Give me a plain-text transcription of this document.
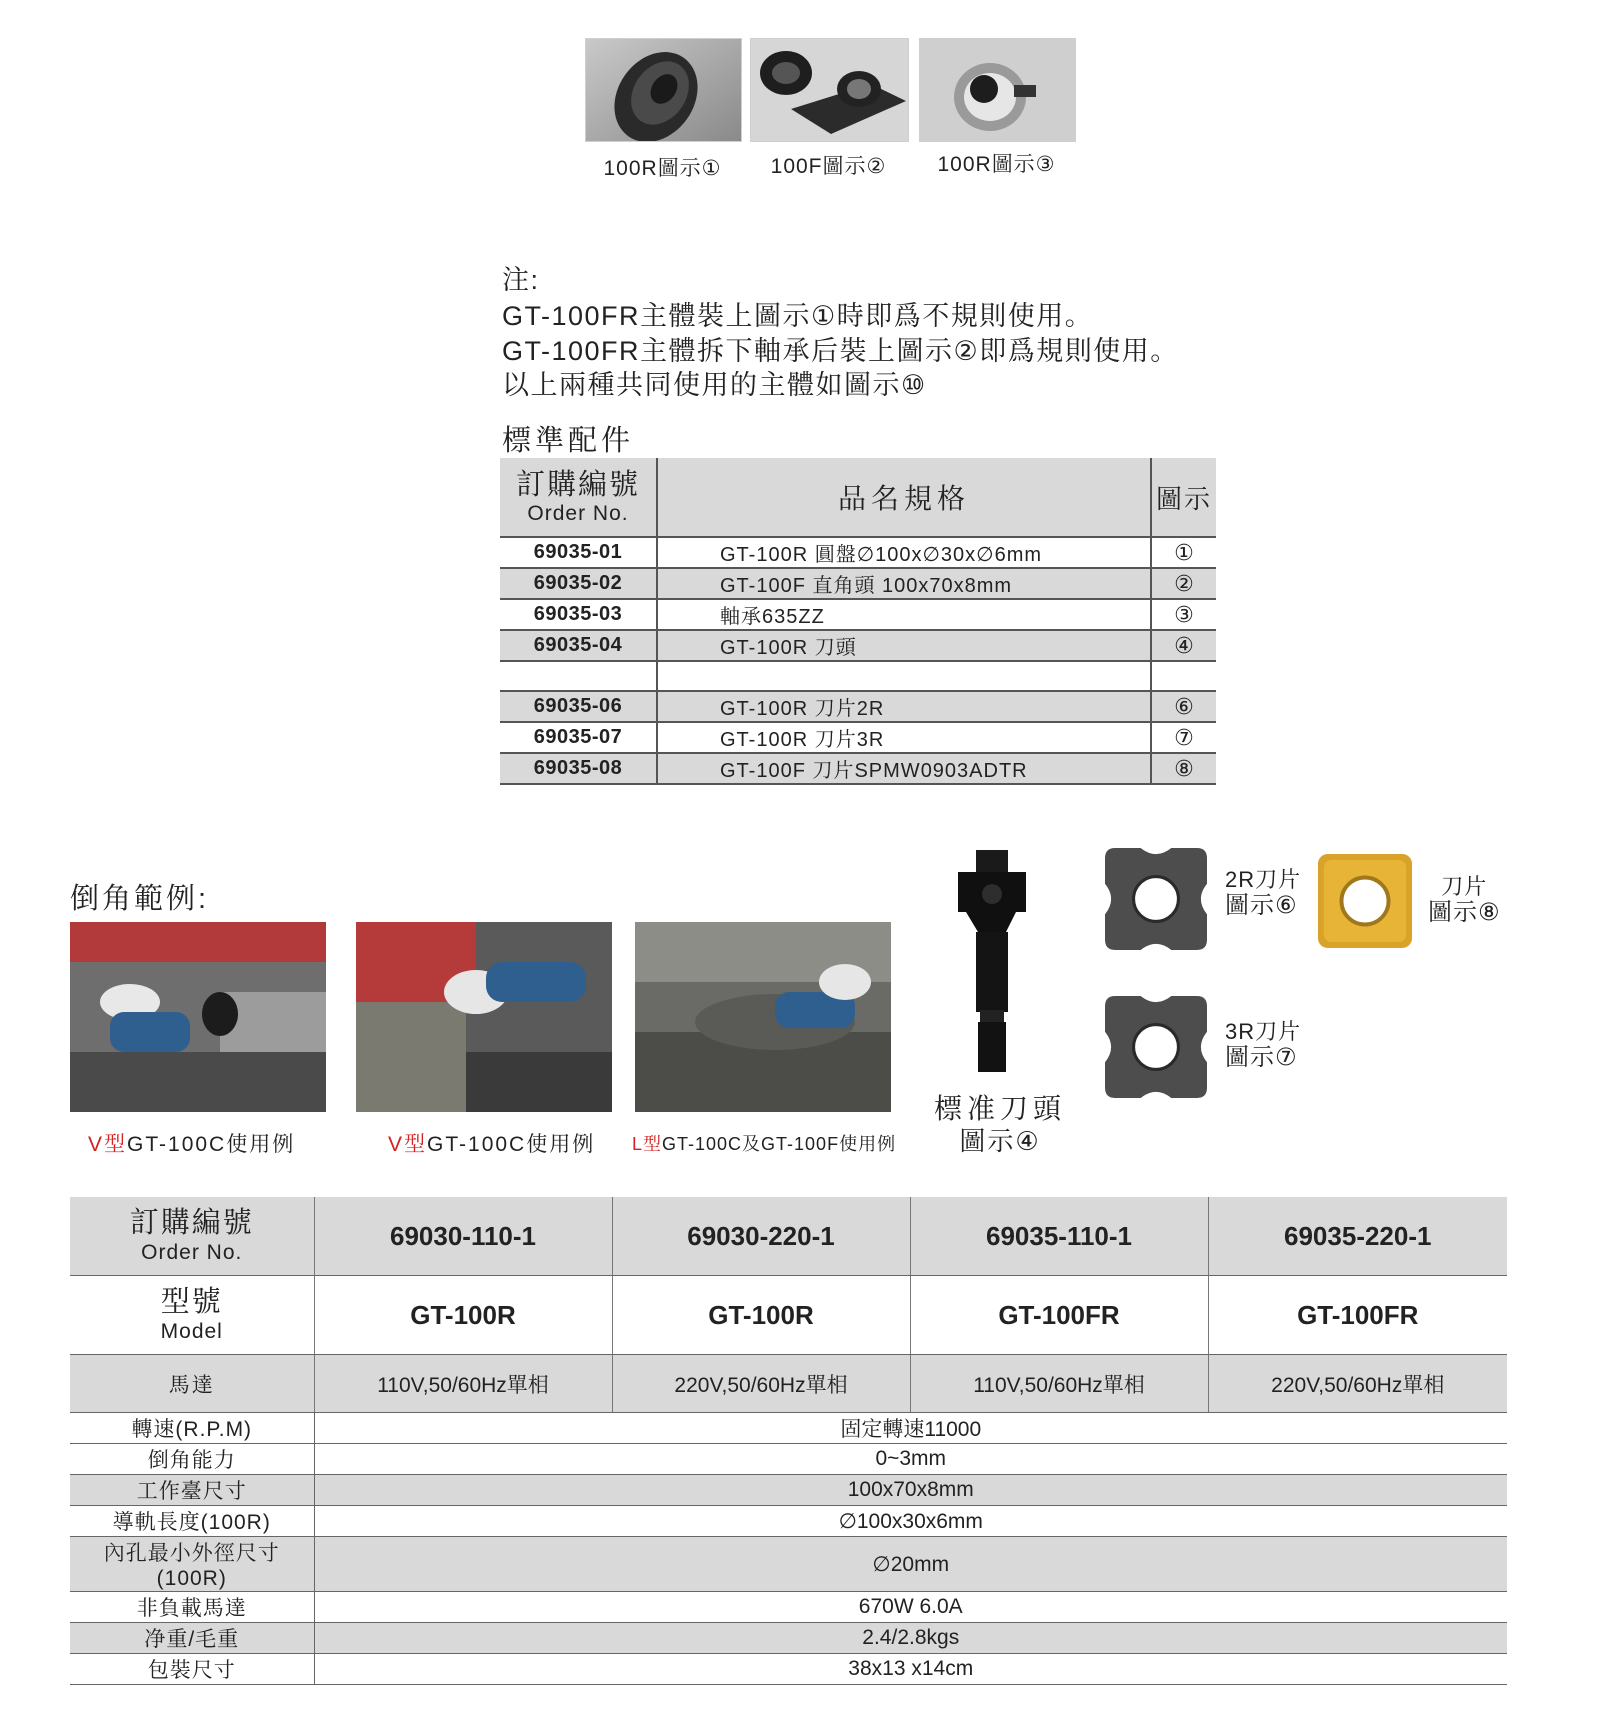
100R圖示①	100F圖示②	100R圖示③
注:
GT-100FR主體裝上圖示①時即爲不規則使用。
GT-100FR主體拆下軸承后裝上圖示②即爲規則使用。
以上兩種共同使用的主體如圖示⑩
標準配件
訂購編號
Order No.	品名規格	圖示
69035-01	GT-100R 圓盤∅100x∅30x∅6mm	①
69035-02	GT-100F 直角頭 100x70x8mm	②
69035-03	軸承635ZZ	③
69035-04	GT-100R 刀頭	④

69035-06	GT-100R 刀片2R	⑥
69035-07	GT-100R 刀片3R	⑦
69035-08	GT-100F 刀片SPMW0903ADTR	⑧
倒角範例:
V型GT-100C使用例	V型GT-100C使用例 L型GT-100C及GT-100F使用例
標准刀頭
圖示④
2R刀片
圖示⑥
刀片
圖示⑧
3R刀片
圖示⑦
訂購編號
Order No.	69030-110-1	69030-220-1	69035-110-1	69035-220-1

型號
Model	GT-100R	GT-100R	GT-100FR	GT-100FR
馬達	110V,50/60Hz單相	220V,50/60Hz單相	110V,50/60Hz單相	220V,50/60Hz單相
轉速(R.P.M)	固定轉速11000			
倒角能力	0~3mm			
工作臺尺寸	100x70x8mm			
導軌長度(100R)	∅100x30x6mm			
內孔最小外徑尺寸(100R)	∅20mm			
非負載馬達	670W 6.0A			
净重/毛重	2.4/2.8kgs			
包裝尺寸	38x13 x14cm			
